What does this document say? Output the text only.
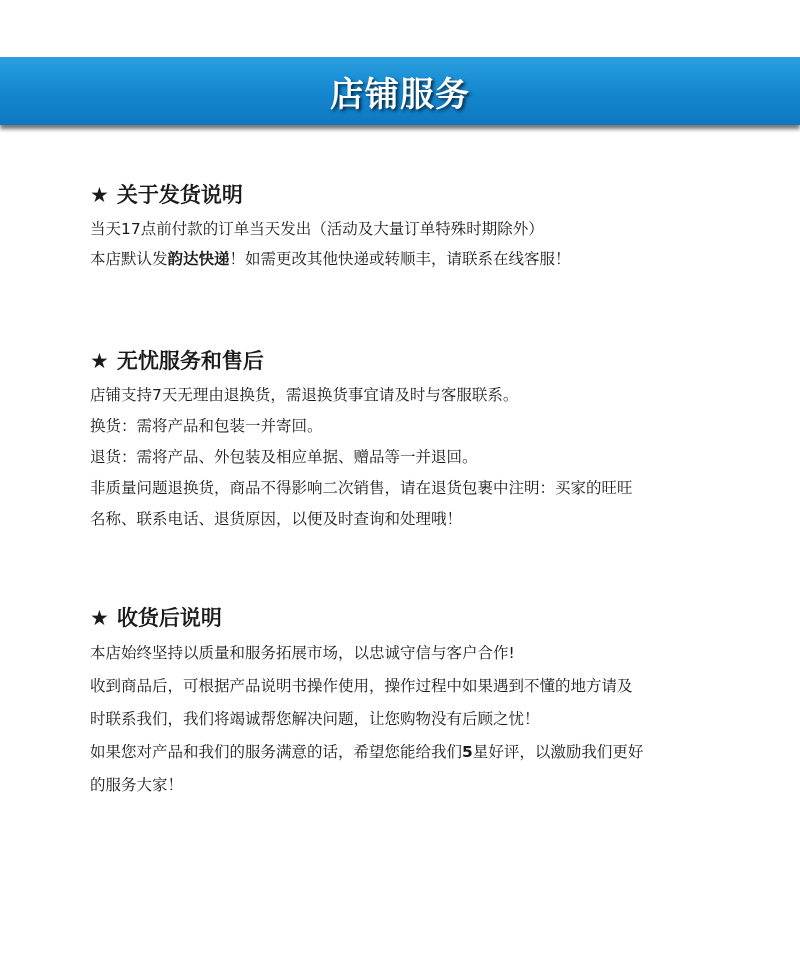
店铺服务
★ 关于发货说明
当天17点前付款的订单当天发出（活动及大量订单特殊时期除外）
本店默认发韵达快递！如需更改其他快递或转顺丰，请联系在线客服！
★ 无忧服务和售后
店铺支持7天无理由退换货，需退换货事宜请及时与客服联系。
换货：需将产品和包装一并寄回。
退货：需将产品、外包装及相应单据、赠品等一并退回。
非质量问题退换货，商品不得影响二次销售，请在退货包裹中注明：买家的旺旺
名称、联系电话、退货原因，以便及时查询和处理哦！
★ 收货后说明
本店始终坚持以质量和服务拓展市场，以忠诚守信与客户合作!
收到商品后，可根据产品说明书操作使用，操作过程中如果遇到不懂的地方请及
时联系我们，我们将竭诚帮您解决问题，让您购物没有后顾之忧！
如果您对产品和我们的服务满意的话，希望您能给我们5星好评，以激励我们更好
的服务大家！
